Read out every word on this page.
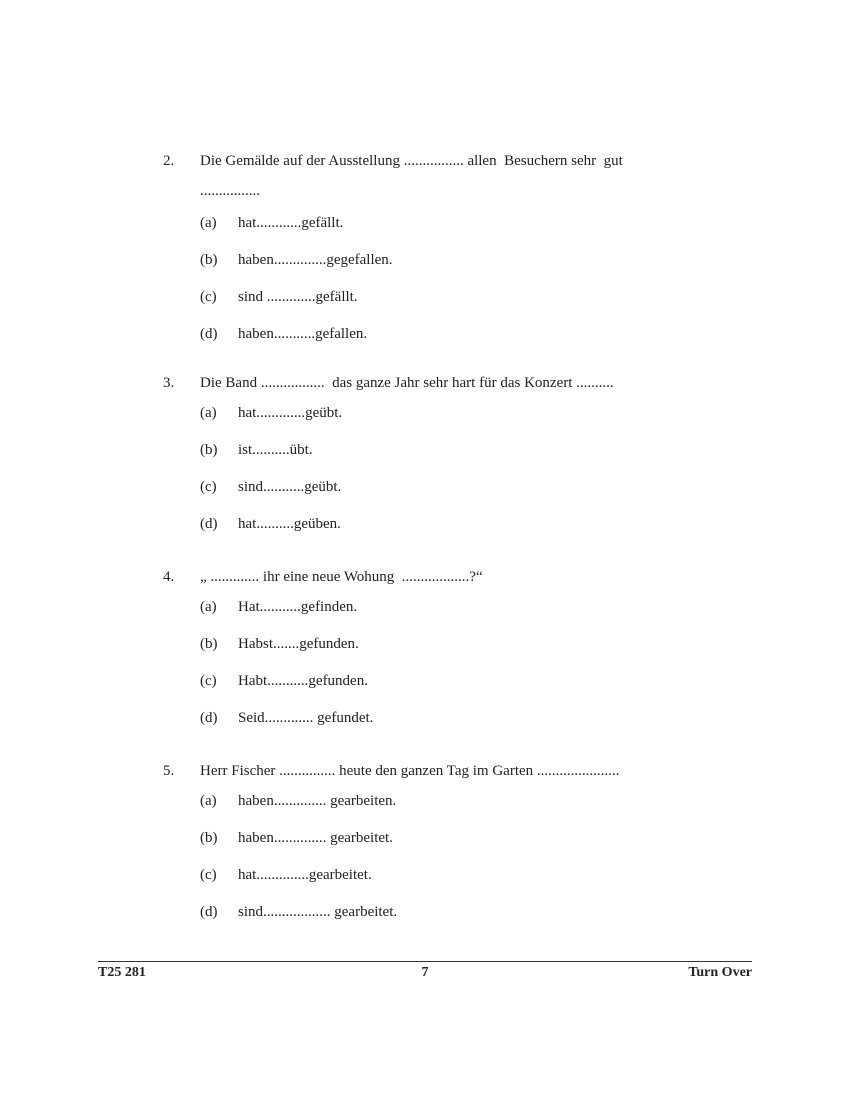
2.	Die Gemälde auf der Ausstellung ................ allen  Besuchern sehr  gut
................
(a)	hat............gefällt.
(b)	haben..............gegefallen.
(c)	sind .............gefällt.
(d)	haben...........gefallen.
3.	Die Band .................  das ganze Jahr sehr hart für das Konzert ..........
(a)	hat.............geübt.
(b)	ist..........übt.
(c)	sind...........geübt.
(d)	hat..........geüben.
4.	„ ............. ihr eine neue Wohung  ..................?“
(a)	Hat...........gefinden.
(b)	Habst.......gefunden.
(c)	Habt...........gefunden.
(d)	Seid............. gefundet.
5.	Herr Fischer ............... heute den ganzen Tag im Garten ......................
(a)	haben.............. gearbeiten.
(b)	haben.............. gearbeitet.
(c)	hat..............gearbeitet.
(d)	sind.................. gearbeitet.
T25 281	7	Turn Over
